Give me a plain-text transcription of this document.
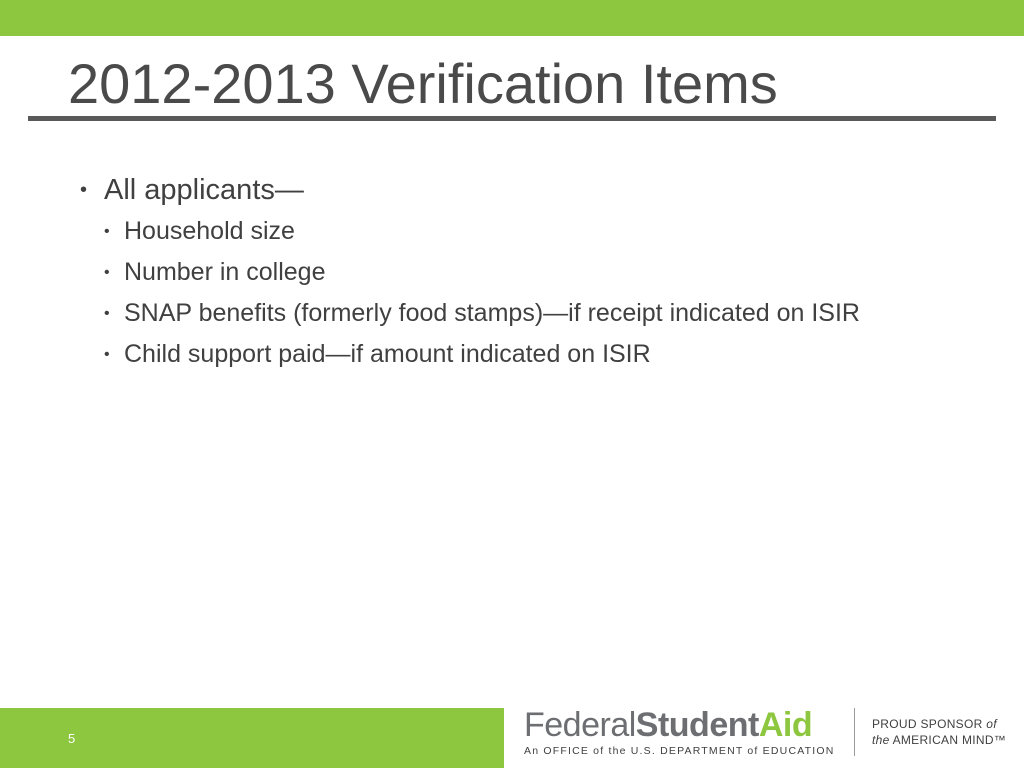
2012-2013 Verification Items
• All applicants—
• Household size
• Number in college
• SNAP benefits (formerly food stamps)—if receipt indicated on ISIR
• Child support paid—if amount indicated on ISIR
5	FederalStudentAid
An OFFICE of the U.S. DEPARTMENT of EDUCATION
PROUD SPONSOR of
the AMERICAN MIND™
